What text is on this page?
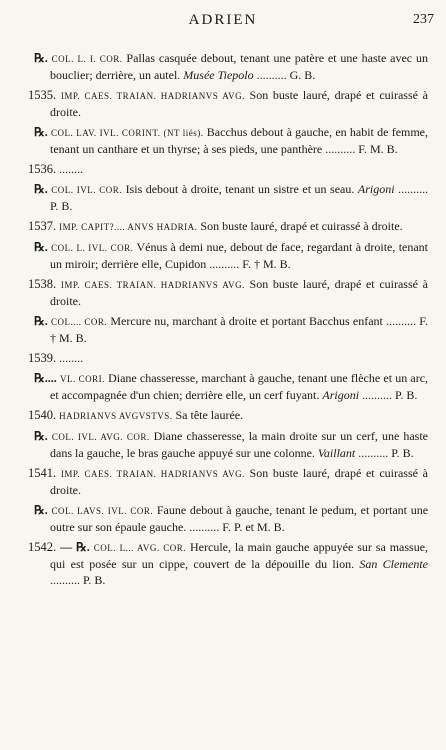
ADRIEN	237
℞. COL. L. I. COR. Pallas casquée debout, tenant une patère et une haste avec un bouclier; derrière, un autel. Musée Tiepolo .......... G. B.
1535. IMP. CAES. TRAIAN. HADRIANVS AVG. Son buste lauré, drapé et cuirassé à droite.
℞. COL. LAV. IVL. CORINT. (NT liés). Bacchus debout à gauche, en habit de femme, tenant un canthare et un thyrse; à ses pieds, une panthère .......... F. M. B.
1536. ........
℞. COL. IVL. COR. Isis debout à droite, tenant un sistre et un seau. Arigoni .......... P. B.
1537. IMP. CAPIT?.... ANVS HADRIA. Son buste lauré, drapé et cuirassé à droite.
℞. COL. L. IVL. COR. Vénus à demi nue, debout de face, regardant à droite, tenant un miroir; derrière elle, Cupidon .......... F. † M. B.
1538. IMP. CAES. TRAIAN. HADRIANVS AVG. Son buste lauré, drapé et cuirassé à droite.
℞. COL.... COR. Mercure nu, marchant à droite et portant Bacchus enfant .......... F. † M. B.
1539. ........
℞.... VL. CORI. Diane chasseresse, marchant à gauche, tenant une flèche et un arc, et accompagnée d'un chien; derrière elle, un cerf fuyant. Arigoni .......... P. B.
1540. HADRIANVS AVGVSTVS. Sa tête laurée.
℞. COL. IVL. AVG. COR. Diane chasseresse, la main droite sur un cerf, une haste dans la gauche, le bras gauche appuyé sur une colonne. Vaillant .......... P. B.
1541. IMP. CAES. TRAIAN. HADRIANVS AVG. Son buste lauré, drapé et cuirassé à droite.
℞. COL. LAVS. IVL. COR. Faune debout à gauche, tenant le pedum, et portant une outre sur son épaule gauche. .......... F. P. et M. B.
1542. — ℞. COL. L... AVG. COR. Hercule, la main gauche appuyée sur sa massue, qui est posée sur un cippe, couvert de la dépouille du lion. San Clemente .......... P. B.
